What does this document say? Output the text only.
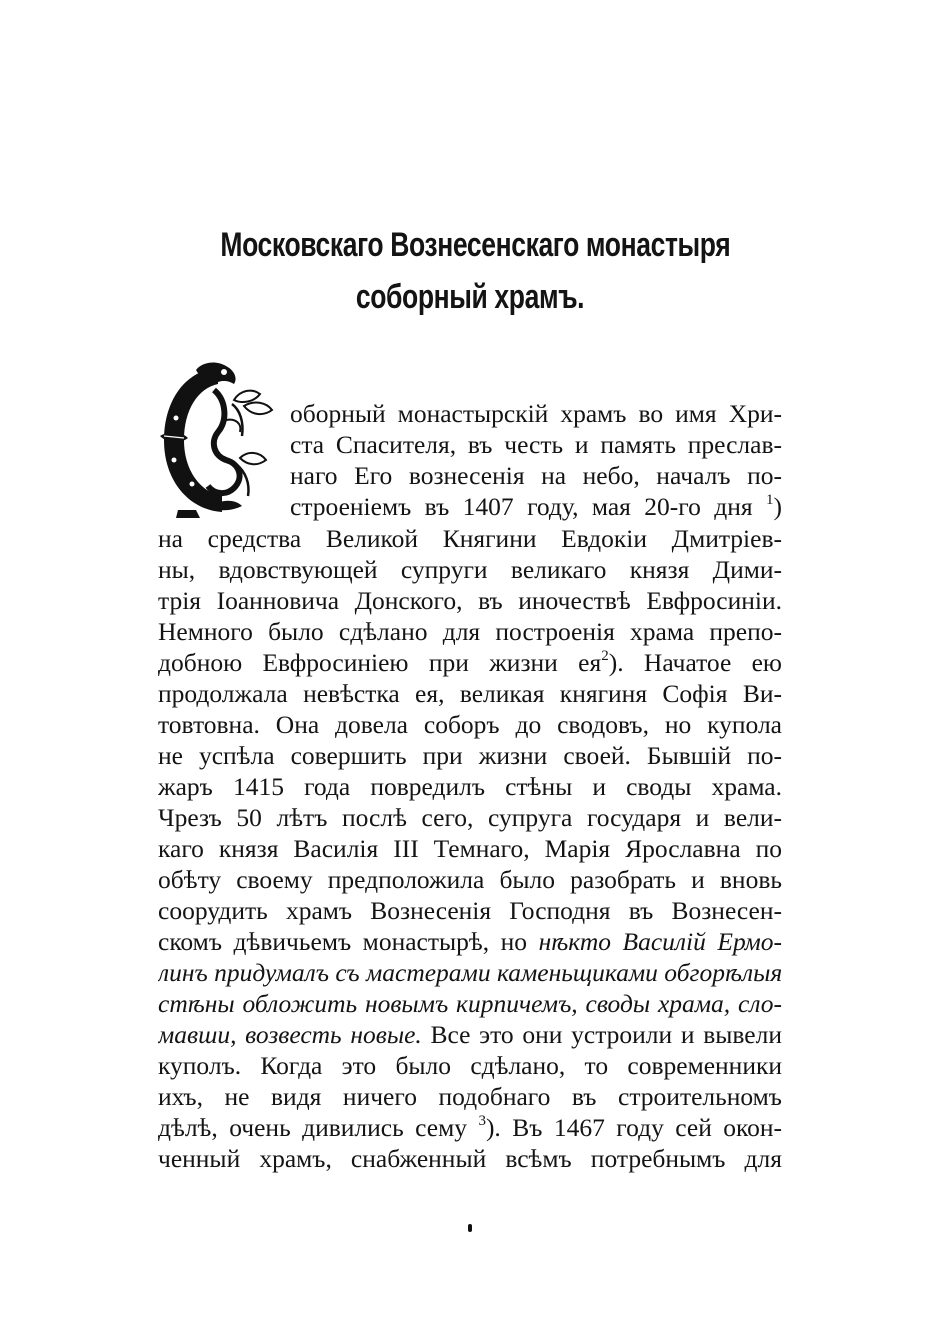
Московскаго Вознесенскаго монастыря
соборный храмъ.
оборный монастырскій храмъ во имя Хри-
ста Спасителя, въ честь и память преслав-
наго Его вознесенія на небо, началъ по-
строенiемъ въ 1407 году, мая 20-го дня $^1$)
на средства Великой Княгини Евдокіи Дмитріев-
ны, вдовствующей супруги великаго князя Дими-
трія Іоанновича Донского, въ иночествѣ Евфросиніи.
Немного было сдѣлано для построенія храма препо-
добною Евфросиніею при жизни $ея^2$). Начатое ею
продолжала невѣстка ея, великая княгиня Софія Ви-
товтовна. Она довела соборъ до сводовъ, но купола
не успѣла совершить при жизни своей. Бывшій по-
жаръ 1415 года повредилъ стѣны и своды храма.
Чрезъ 50 лѣтъ послѣ сего, супруга государя и вели-
каго князя Василія III Темнаго, Марія Ярославна по
обѣту своему предположила было разобрать и вновь
соорудить храмъ Вознесенія Господня въ Вознесен-
скомъ дѣвичьемъ монастырѣ, но нѣкто Василій Ермо-
линъ придумалъ съ мастерами каменьщиками обгорѣлыя
стѣны обложить новымъ кирпичемъ, своды храма, сло-
мавши, возвесть новые. Все это они устроили и вывели
куполъ. Когда это было сдѣлано, то современники
ихъ, не видя ничего подобнаго въ строительномъ
дѣлѣ, очень дивились сему $^3$). Въ 1467 году сей окон-
ченный храмъ, снабженный всѣмъ потребнымъ для
